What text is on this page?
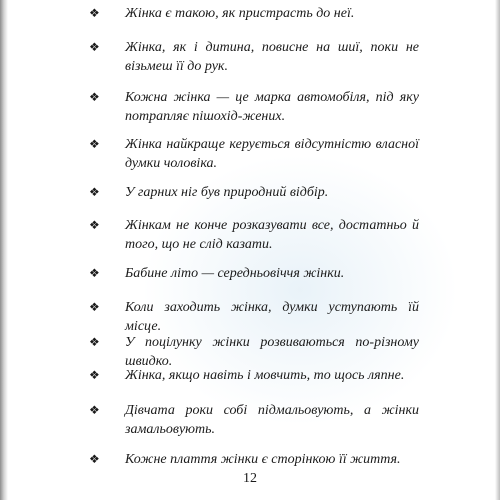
❖	Жінка є такою, як пристрасть до неї.
❖	Жінка, як і дитина, повисне на шиї, поки не візьмеш її до рук.
❖	Кожна жінка — це марка автомобіля, під яку потрапляє пішохід-жених.
❖	Жінка найкраще керується відсутністю власної думки чоловіка.
❖	У гарних ніг був природний відбір.
❖	Жінкам не конче розказувати все, достатньо й того, що не слід казати.
❖	Бабине літо — середньовіччя жінки.
❖	Коли заходить жінка, думки уступають їй місце.
❖	У поцілунку жінки розвиваються по-різному швидко.
❖	Жінка, якщо навіть і мовчить, то щось ляпне.
❖	Дівчата роки собі підмальовують, а жінки замальовують.
❖	Кожне плаття жінки є сторінкою її життя.
12
